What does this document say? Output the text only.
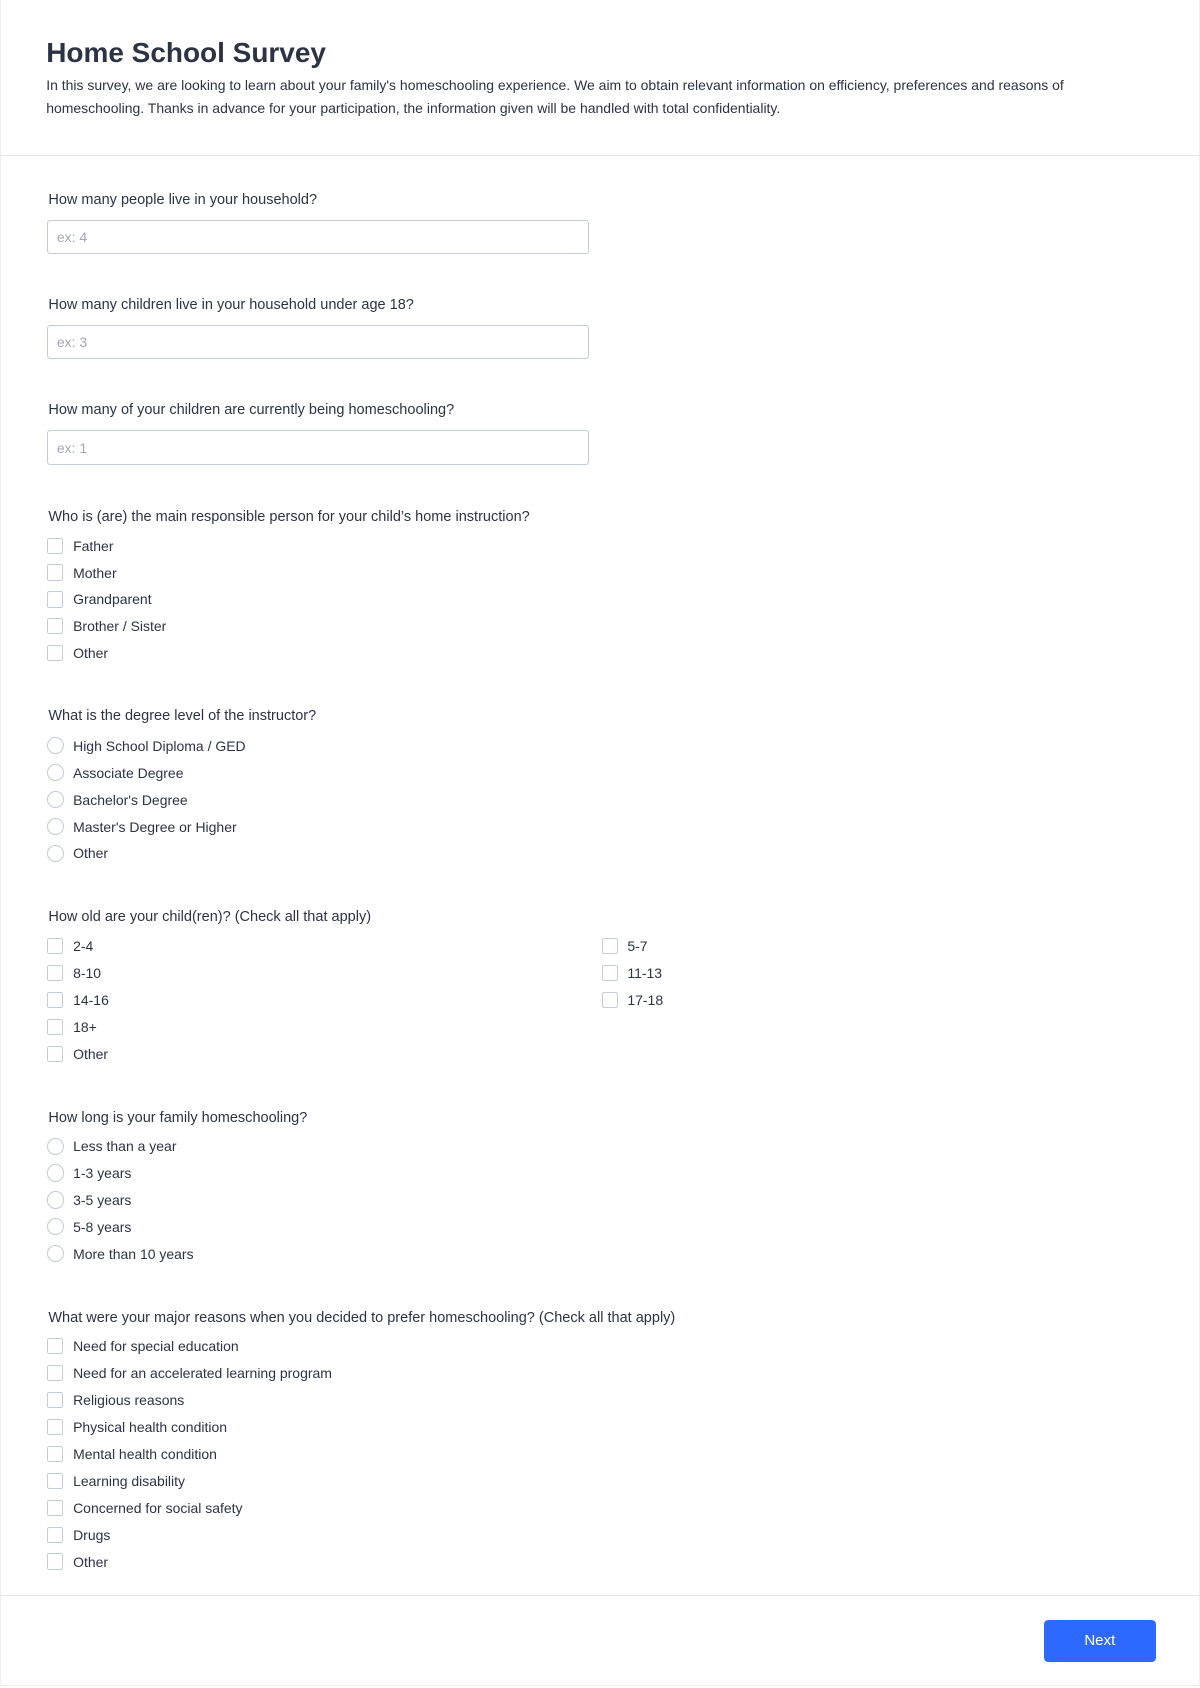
Home School Survey

In this survey, we are looking to learn about your family's homeschooling experience. We aim to obtain relevant information on efficiency, preferences and reasons of homeschooling. Thanks in advance for your participation, the information given will be handled with total confidentiality.

How many people live in your household?
ex: 4
How many children live in your household under age 18?
ex: 3
How many of your children are currently being homeschooling?
ex: 1
Who is (are) the main responsible person for your child’s home instruction?
Father
Mother
Grandparent
Brother / Sister
Other
What is the degree level of the instructor?
High School Diploma / GED
Associate Degree
Bachelor's Degree
Master's Degree or Higher
Other
How old are your child(ren)? (Check all that apply)
2-4	5-7
8-10	11-13
14-16	17-18
18+
Other
How long is your family homeschooling?
Less than a year
1-3 years
3-5 years
5-8 years
More than 10 years
What were your major reasons when you decided to prefer homeschooling? (Check all that apply)
Need for special education
Need for an accelerated learning program
Religious reasons
Physical health condition
Mental health condition
Learning disability
Concerned for social safety
Drugs
Other
Next
